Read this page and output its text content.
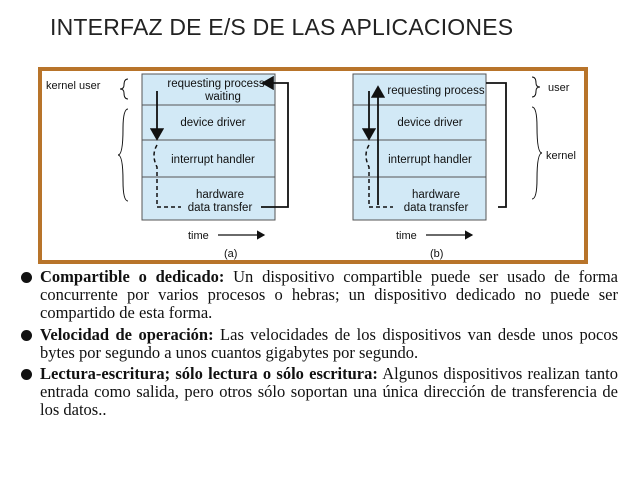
INTERFAZ DE E/S DE LAS APLICACIONES
kernel user	requesting process
waiting
device driver
interrupt handler
hardware
data transfer
time
(a)
requesting process
device driver
interrupt handler
hardware
data transfer
time
(b)
user
kernel
Compartible o dedicado: Un dispositivo compartible puede ser usado de forma concurrente por varios procesos o hebras; un dispositivo dedicado no puede ser compartido de esta forma.
Velocidad de operación: Las velocidades de los dispositivos van desde unos pocos bytes por segundo a unos cuantos gigabytes por segundo.
Lectura-escritura; sólo lectura o sólo escritura: Algunos dispositivos realizan tanto entrada como salida, pero otros sólo soportan una única dirección de transferencia de los datos..
